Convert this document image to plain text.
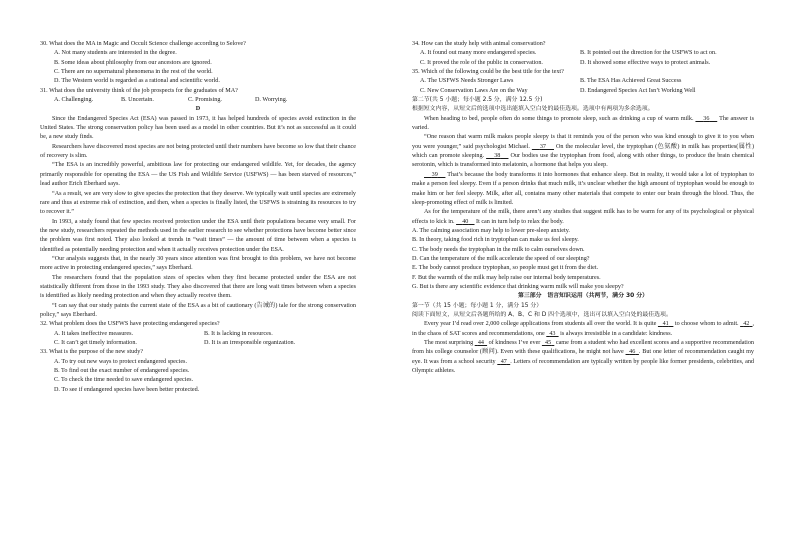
30. What does the MA in Magic and Occult Science challenge according to Selove?
A. Not many students are interested in the degree.
B. Some ideas about philosophy from our ancestors are ignored.
C. There are no supernatural phenomena in the rest of the world.
D. The Western world is regarded as a rational and scientific world.
31. What does the university think of the job prospects for the graduates of MA?
A. Challenging.	B. Uncertain.	C. Promising.	D. Worrying.
D
Since the Endangered Species Act (ESA) was passed in 1973, it has helped hundreds of species avoid extinction in the United States. The strong conservation policy has been used as a model in other countries. But it’s not as successful as it could be, a new study finds.
Researchers have discovered most species are not being protected until their numbers have become so low that their chance of recovery is slim.
“The ESA is an incredibly powerful, ambitious law for protecting our endangered wildlife. Yet, for decades, the agency primarily responsible for operating the ESA — the US Fish and Wildlife Service (USFWS) — has been starved of resources,” lead author Erich Eberhard says.
“As a result, we are very slow to give species the protection that they deserve. We typically wait until species are extremely rare and thus at extreme risk of extinction, and then, when a species is finally listed, the USFWS is straining its resources to try to recover it.”
In 1993, a study found that few species received protection under the ESA until their populations became very small. For the new study, researchers repeated the methods used in the earlier research to see whether protections have become better since the problem was first noted. They also looked at trends in “wait times” — the amount of time between when a species is identified as potentially needing protection and when it actually receives protection under the ESA.
“Our analysis suggests that, in the nearly 30 years since attention was first brought to this problem, we have not become more active in protecting endangered species,” says Eberhard.
The researchers found that the population sizes of species when they first became protected under the ESA are not statistically different from those in the 1993 study. They also discovered that there are long wait times between when a species is identified as likely needing protection and when they actually receive them.
“I can say that our study paints the current state of the ESA as a bit of cautionary (告诫的) tale for the strong conservation policy,” says Eberhard.
32. What problem does the USFWS have protecting endangered species?
A. It takes ineffective measures.	B. It is lacking in resources.
C. It can’t get timely information.	D. It is an irresponsible organization.
33. What is the purpose of the new study?
A. To try out new ways to protect endangered species.
B. To find out the exact number of endangered species.
C. To check the time needed to save endangered species.
D. To see if endangered species have been better protected.
34. How can the study help with animal conservation?
A. It found out many more endangered species.	B. It pointed out the direction for the USFWS to act on.
C. It proved the role of the public in conservation.	D. It showed some effective ways to protect animals.
35. Which of the following could be the best title for the text?
A. The USFWS Needs Stronger Laws	B. The ESA Has Achieved Great Success
C. New Conservation Laws Are on the Way	D. Endangered Species Act Isn’t Working Well
第二节(共 5 小题；每小题 2.5 分，满分 12.5 分)
根据短文内容，从短文后的选项中选出能填入空白处的最佳选项。选项中有两项为多余选项。
When heading to bed, people often do some things to promote sleep, such as drinking a cup of warm milk. 36 The answer is varied.
“One reason that warm milk makes people sleepy is that it reminds you of the person who was kind enough to give it to you when you were younger,” said psychologist Michael. 37 On the molecular level, the tryptophan (色氨酸) in milk has properties(属性) which can promote sleeping. 38 Our bodies use the tryptophan from food, along with other things, to produce the brain chemical serotonin, which is transformed into melatonin, a hormone that helps you sleep.
39 That’s because the body transforms it into hormones that enhance sleep. But in reality, it would take a lot of tryptophan to make a person feel sleepy. Even if a person drinks that much milk, it’s unclear whether the high amount of tryptophan would be enough to make him or her feel sleepy. Milk, after all, contains many other materials that compete to enter our brain through the blood. Thus, the sleep-promoting effect of milk is limited.
As for the temperature of the milk, there aren’t any studies that suggest milk has to be warm for any of its psychological or physical effects to kick in. 40 It can in turn help to relax the body.
A. The calming association may help to lower pre-sleep anxiety.
B. In theory, taking food rich in tryptophan can make us feel sleepy.
C. The body needs the tryptophan in the milk to calm ourselves down.
D. Can the temperature of the milk accelerate the speed of our sleeping?
E. The body cannot produce tryptophan, so people must get it from the diet.
F. But the warmth of the milk may help raise our internal body temperatures.
G. But is there any scientific evidence that drinking warm milk will make you sleepy?
第三部分　语言知识运用（共两节，满分 30 分）
第一节（共 15 小题；每小题 1 分，满分 15 分）
阅读下面短文，从短文后各题所给的 A、B、C 和 D 四个选项中，选出可以填入空白处的最佳选项。
Every year I’d read over 2,000 college applications from students all over the world. It is quite 41 to choose whom to admit. 42 , in the chaos of SAT scores and recommendations, one 43 is always irresistible in a candidate: kindness.
The most surprising 44 of kindness I’ve ever 45 came from a student who had excellent scores and a supportive recommendation from his college counselor (顾问). Even with these qualifications, he might not have 46 . But one letter of recommendation caught my eye. It was from a school security 47 . Letters of recommendation are typically written by people like former presidents, celebrities, and Olympic athletes.
